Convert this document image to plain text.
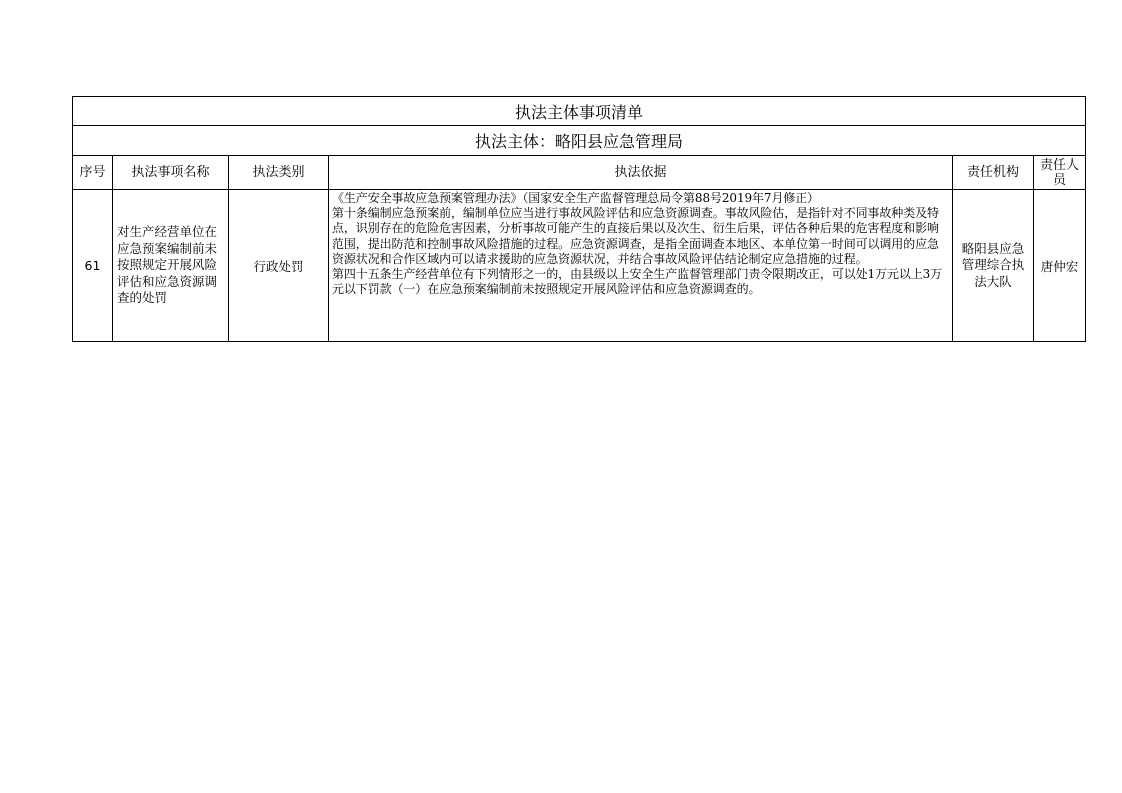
执法主体事项清单					
执法主体：略阳县应急管理局					
序号	执法事项名称	执法类别	执法依据	责任机构	责任人员
61	对生产经营单位在应急预案编制前未按照规定开展风险评估和应急资源调查的处罚	行政处罚	《生产安全事故应急预案管理办法》（国家安全生产监督管理总局令第88号2019年7月修正）

第十条编制应急预案前，编制单位应当进行事故风险评估和应急资源调查。事故风险估，是指针对不同事故种类及特点，识别存在的危险危害因素，分析事故可能产生的直接后果以及次生、衍生后果，评估各种后果的危害程度和影响范围，提出防范和控制事故风险措施的过程。应急资源调查，是指全面调查本地区、本单位第一时间可以调用的应急资源状况和合作区域内可以请求援助的应急资源状况，并结合事故风险评估结论制定应急措施的过程。

第四十五条生产经营单位有下列情形之一的，由县级以上安全生产监督管理部门责令限期改正，可以处1万元以上3万元以下罚款（一）在应急预案编制前未按照规定开展风险评估和应急资源调查的。	略阳县应急管理综合执法大队	唐仲宏
